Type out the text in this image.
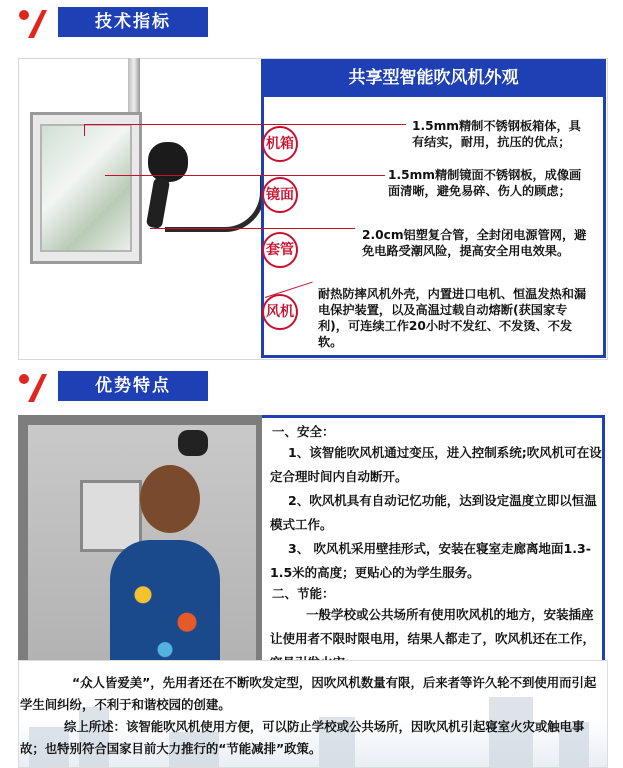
技术指标
共享型智能吹风机外观
机箱
镜面
套管
风机
1.5mm精制不锈钢板箱体，具有结实，耐用，抗压的优点；
1.5mm精制镜面不锈钢板，成像画面清晰，避免易碎、伤人的顾虑；
2.0cm铝塑复合管，全封闭电源管网，避免电路受潮风险，提高安全用电效果。
耐热防摔风机外壳，内置进口电机、恒温发热和漏电保护装置，以及高温过载自动熔断(获国家专利)，可连续工作20小时不发红、不发烫、不发软。
优势特点
一、安全：
1、该智能吹风机通过变压，进入控制系统;吹风机可在设定合理时间内自动断开。
2、吹风机具有自动记忆功能，达到设定温度立即以恒温模式工作。
3、 吹风机采用壁挂形式，安装在寝室走廊离地面1.3-1.5米的高度；更贴心的为学生服务。
二、节能：
一般学校或公共场所有使用吹风机的地方，安装插座让使用者不限时限电用，结果人都走了，吹风机还在工作，
“众人皆爱美”，先用者还在不断吹发定型，因吹风机数量有限，后来者等许久轮不到使用而引起学生间纠纷，不利于和谐校园的创建。
综上所述：该智能吹风机使用方便，可以防止学校或公共场所，因吹风机引起寝室火灾或触电事故；也特别符合国家目前大力推行的“节能减排”政策。
